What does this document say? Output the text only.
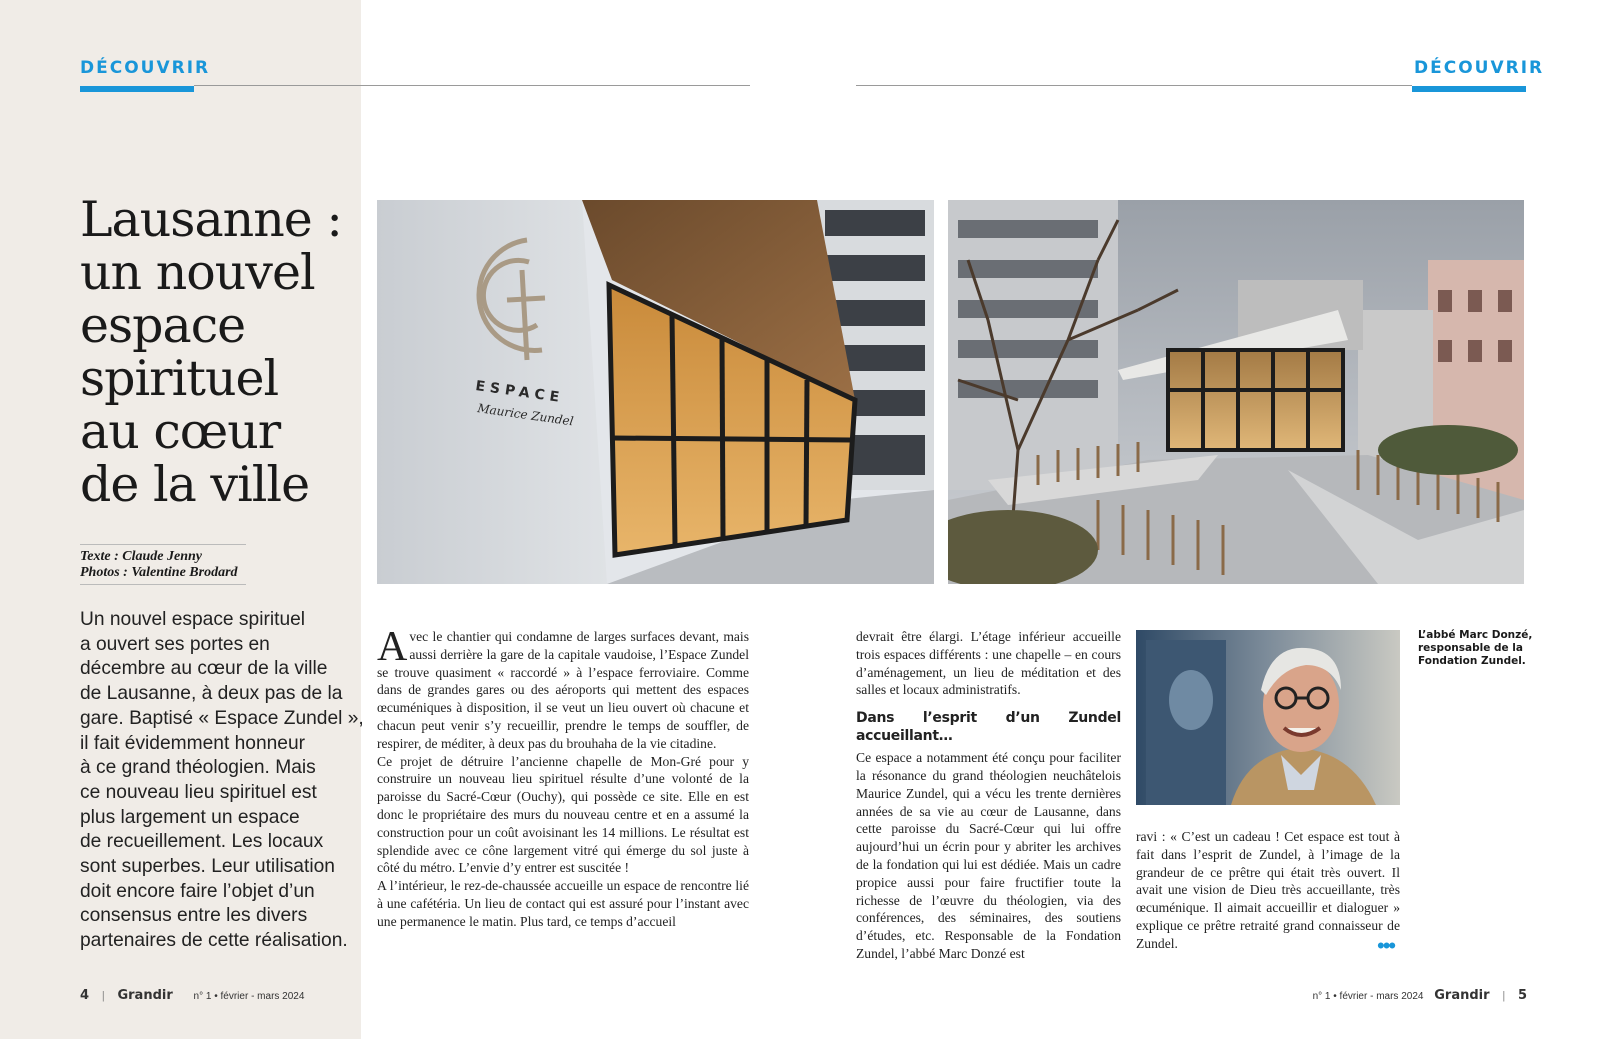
DÉCOUVRIR	DÉCOUVRIR
Lausanne :
un nouvel
espace
spirituel
au cœur
de la ville
Texte : Claude Jenny
Photos : Valentine Brodard
Un nouvel espace spirituel
a ouvert ses portes en
décembre au cœur de la ville
de Lausanne, à deux pas de la
gare. Baptisé « Espace Zundel »,
il fait évidemment honneur
à ce grand théologien. Mais
ce nouveau lieu spirituel est
plus largement un espace
de recueillement. Les locaux
sont superbes. Leur utilisation
doit encore faire l’objet d’un
consensus entre les divers
partenaires de cette réalisation.
ESPACE
Maurice Zundel

Avec le chantier qui condamne de larges surfaces devant, mais aussi derrière la gare de la capitale vaudoise, l’Espace Zundel se trouve quasiment « raccordé » à l’espace ferroviaire. Comme dans de grandes gares ou des aéroports qui mettent des espaces œcuméniques à disposition, il se veut un lieu ouvert où chacune et chacun peut venir s’y recueillir, prendre le temps de souffler, de respirer, de méditer, à deux pas du brouhaha de la vie citadine.

Ce projet de détruire l’ancienne chapelle de Mon-Gré pour y construire un nouveau lieu spirituel résulte d’une volonté de la paroisse du Sacré-Cœur (Ouchy), qui possède ce site. Elle en est donc le propriétaire des murs du nouveau centre et en a assumé la construction pour un coût avoisinant les 14 millions. Le résultat est splendide avec ce cône largement vitré qui émerge du sol juste à côté du métro. L’envie d’y entrer est suscitée !

A l’intérieur, le rez-de-chaussée accueille un espace de rencontre lié à une cafétéria. Un lieu de contact qui est assuré pour l’instant avec une permanence le matin. Plus tard, ce temps d’accueil

devrait être élargi. L’étage inférieur accueille trois espaces différents : une chapelle – en cours d’aménagement, un lieu de méditation et des salles et locaux administratifs.

Dans l’esprit d’un Zundel accueillant…

Ce espace a notamment été conçu pour faciliter la résonance du grand théologien neuchâtelois Maurice Zundel, qui a vécu les trente dernières années de sa vie au cœur de Lausanne, dans cette paroisse du Sacré-Cœur qui lui offre aujourd’hui un écrin pour y abriter les archives de la fondation qui lui est dédiée. Mais un cadre propice aussi pour faire fructifier toute la richesse de l’œuvre du théologien, via des conférences, des séminaires, des soutiens d’études, etc. Responsable de la Fondation Zundel, l’abbé Marc Donzé est

L’abbé Marc Donzé,
responsable de la
Fondation Zundel.

ravi : « C’est un cadeau ! Cet espace est tout à fait dans l’esprit de Zundel, à l’image de la grandeur de ce prêtre qui était très ouvert. Il avait une vision de Dieu très accueillante, très œcuménique. Il aimait accueillir et dialoguer » explique ce prêtre retraité grand connaisseur de Zundel.	•••
4 | Grandir n° 1 • février - mars 2024	n° 1 • février - mars 2024 Grandir | 5
